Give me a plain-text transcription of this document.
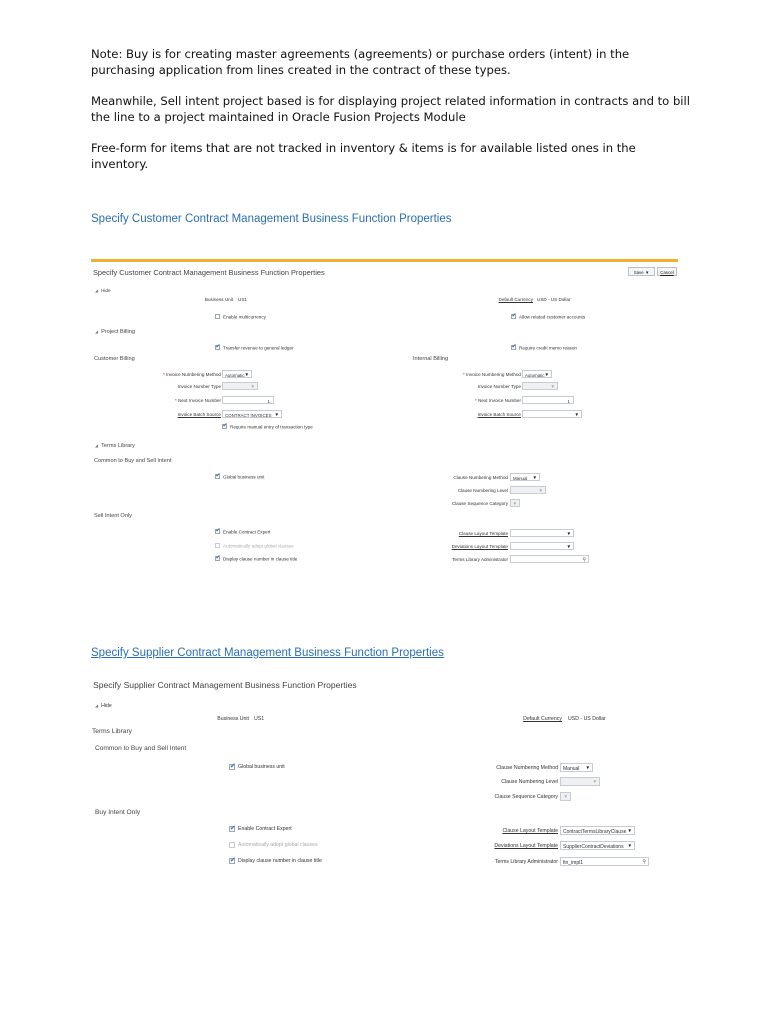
Note: Buy is for creating master agreements (agreements) or purchase orders (intent) in the purchasing application from lines created in the contract of these types.

Meanwhile, Sell intent project based is for displaying project related information in contracts and to bill the line to a project maintained in Oracle Fusion Projects Module

Free-form for items that are not tracked in inventory & items is for available listed ones in the inventory.

Specify Customer Contract Management Business Function Properties
Specify Customer Contract Management Business Function Properties	Save ▼	Cancel
◢ Hide
Business Unit US1	Default Currency USD - US Dollar
Enable multicurrency ✔	Allow related customer accounts
◢ Project Billing
✔Transfer revenue to general ledger ✔	Require credit memo reason
Customer Billing	Internal Billing
* Invoice Numbering Method Automatic ▼
Invoice Number Type	▼
* Next Invoice Number	1
Invoice Batch Source CONTRACT INVOICES ▼
✔Require manual entry of transaction type
* Invoice Numbering Method Automatic ▼
Invoice Number Type	▼
* Next Invoice Number	1
Invoice Batch Source	▼
◢ Terms Library
Common to Buy and Sell Intent
✔Global business unit	Clause Numbering Method	Manual ▼
Clause Numbering Level	▼
Clause Sequence Category ▼
Sell Intent Only
✔Enable Contract Expert
Automatically adopt global clauses
✔Display clause number in clause title
Clause Layout Template	▼
Deviations Layout Template	▼
Terms Library Administrator	⚲
Specify Supplier Contract Management Business Function Properties
Specify Supplier Contract Management Business Function Properties
◢ Hide
Business Unit US1	Default Currency USD - US Dollar
Terms Library
Common to Buy and Sell Intent
✔Global business unit	Clause Numbering Method	Manual ▼
Clause Numbering Level	▼
Clause Sequence Category ▼
Buy Intent Only
✔Enable Contract Expert
Automatically adopt global clauses
✔Display clause number in clause title
Clause Layout Template	ContractTermsLibraryClause ▼
Deviations Layout Template	SupplierContractDeviations ▼
Terms Library Administrator	fin_impl1	⚲
